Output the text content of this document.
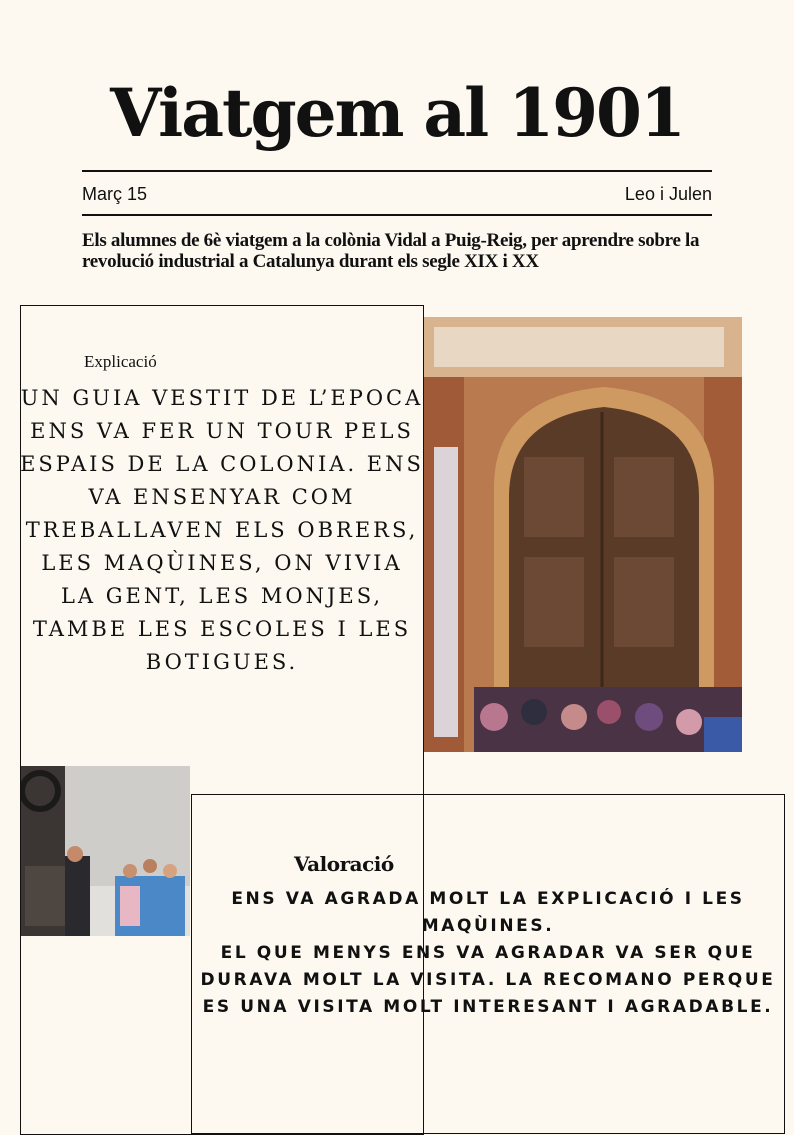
Viatgem al 1901
Març 15	Leo i Julen
Els alumnes de 6è viatgem a la colònia Vidal a Puig-Reig, per aprendre sobre la revolució industrial a Catalunya durant els segle XIX i XX
Explicació
UN GUIA VESTIT DE L’EPOCA ENS VA FER UN TOUR PELS ESPAIS DE LA COLONIA. ENS VA ENSENYAR COM TREBALLAVEN ELS OBRERS, LES MAQÙINES, ON VIVIA LA GENT, LES MONJES, TAMBE LES ESCOLES I LES BOTIGUES.
Valoració

ENS VA AGRADA MOLT LA EXPLICACIÓ I LES MAQÙINES.

EL QUE MENYS ENS VA AGRADAR VA SER QUE DURAVA MOLT LA VISITA. LA RECOMANO PERQUE ES UNA VISITA MOLT INTERESANT I AGRADABLE.
